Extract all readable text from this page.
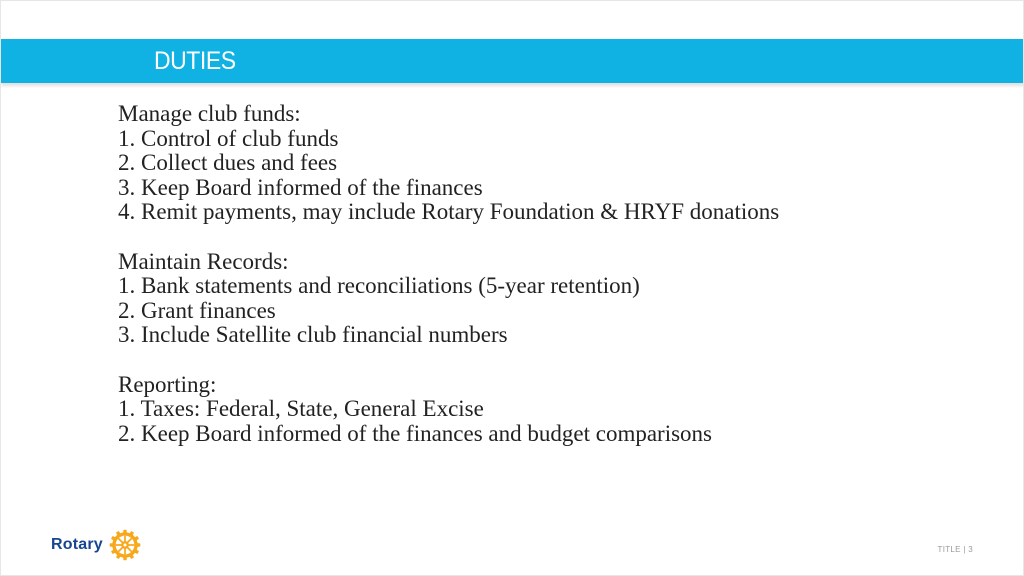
DUTIES
Manage club funds:
1. Control of club funds
2. Collect dues and fees
3. Keep Board informed of the finances
4. Remit payments, may include Rotary Foundation & HRYF donations
Maintain Records:
1. Bank statements and reconciliations (5-year retention)
2. Grant finances
3. Include Satellite club financial numbers
Reporting:
1. Taxes: Federal, State, General Excise
2. Keep Board informed of the finances and budget comparisons
Rotary	TITLE | 3
